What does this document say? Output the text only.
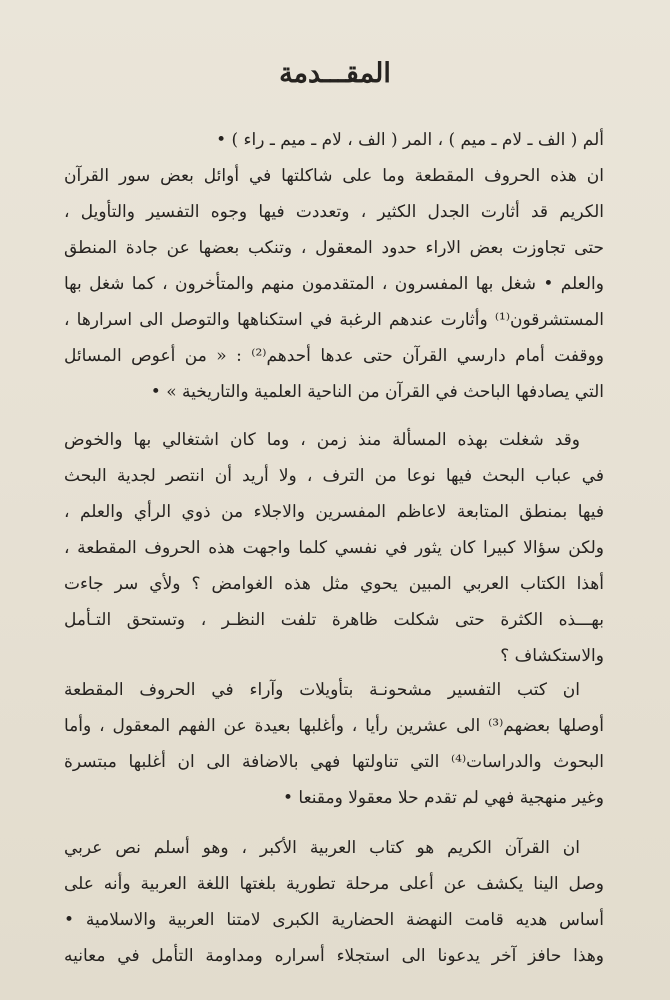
المقـــدمة
ألم ( الف ـ لام ـ ميم ) ، المر ( الف ، لام ـ ميم ـ راء ) •
ان هذه الحروف المقطعة وما على شاكلتها في أوائل بعض سور القرآن
الكريم قد أثارت الجدل الكثير ، وتعددت فيها وجوه التفسير والتأويل ،
حتى تجاوزت بعض الاراء حدود المعقول ، وتنكب بعضها عن جادة المنطق
والعلم • شغل بها المفسرون ، المتقدمون منهم والمتأخرون ، كما شغل بها
المستشرقون⁽¹⁾ وأثارت عندهم الرغبة في استكناهها والتوصل الى اسرارها ،
ووقفت أمام دارسي القرآن حتى عدها أحدهم⁽²⁾ : « من أعوص المسائل
التي يصادفها الباحث في القرآن من الناحية العلمية والتاريخية » •
وقد شغلت بهذه المسألة منذ زمن ، وما كان اشتغالي بها والخوض
في عباب البحث فيها نوعا من الترف ، ولا أريد أن انتصر لجدية البحث
فيها بمنطق المتابعة لاعاظم المفسرين والاجلاء من ذوي الرأي والعلم ،
ولكن سؤالا كبيرا كان يثور في نفسي كلما واجهت هذه الحروف المقطعة ،
أهذا الكتاب العربي المبين يحوي مثل هذه الغوامض ؟ ولأي سر جاءت
بهـــذه الكثرة حتى شكلت ظاهرة تلفت النظـر ، وتستحق التـأمل
والاستكشاف ؟
ان كتب التفسير مشحونـة بتأويلات وآراء في الحروف المقطعة
أوصلها بعضهم⁽³⁾ الى عشرين رأيا ، وأغلبها بعيدة عن الفهم المعقول ، وأما
البحوث والدراسات⁽⁴⁾ التي تناولتها فهي بالاضافة الى ان أغلبها مبتسرة
وغير منهجية فهي لم تقدم حلا معقولا ومقنعا •
ان القرآن الكريم هو كتاب العربية الأكبر ، وهو أسلم نص عربي
وصل الينا يكشف عن أعلى مرحلة تطورية بلغتها اللغة العربية وأنه على
أساس هديه قامت النهضة الحضارية الكبرى لامتنا العربية والاسلامية •
وهذا حافز آخر يدعونا الى استجلاء أسراره ومداومة التأمل في معانيه
